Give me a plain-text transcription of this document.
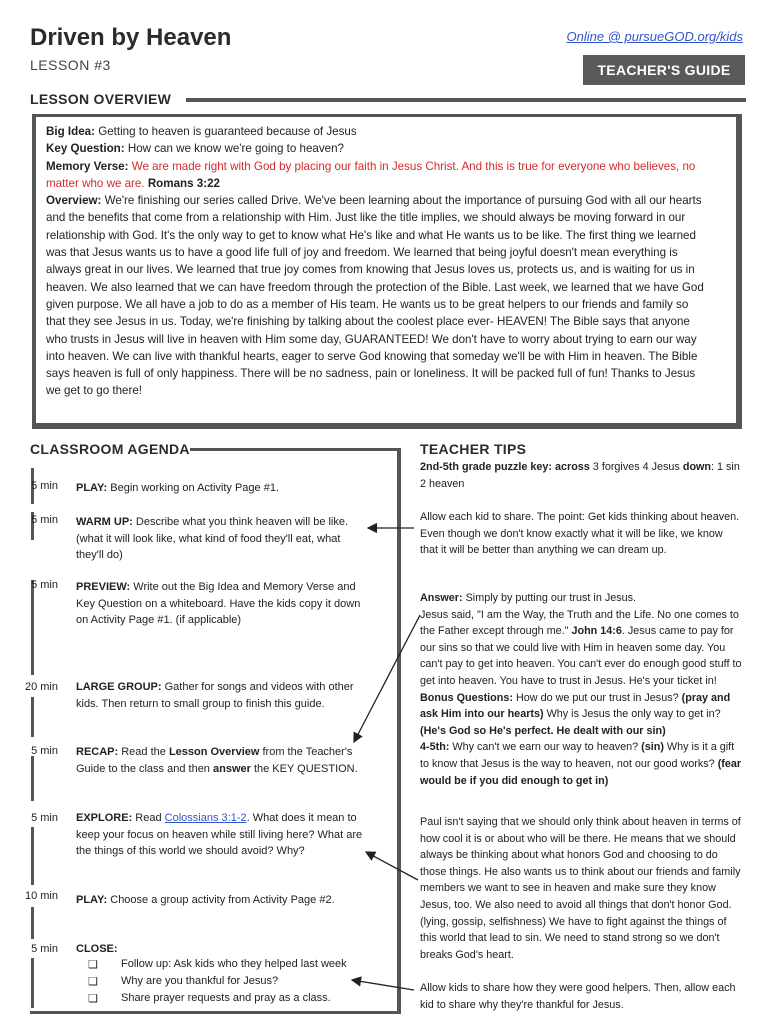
Driven by Heaven
LESSON #3
Online @ pursueGOD.org/kids
TEACHER'S GUIDE
LESSON OVERVIEW
Big Idea: Getting to heaven is guaranteed because of Jesus
Key Question: How can we know we're going to heaven?
Memory Verse: We are made right with God by placing our faith in Jesus Christ. And this is true for everyone who believes, no matter who we are. Romans 3:22
Overview: We're finishing our series called Drive. We've been learning about the importance of pursuing God with all our hearts and the benefits that come from a relationship with Him. Just like the title implies, we should always be moving forward in our relationship with God. It's the only way to get to know what He's like and what He wants us to be like. The first thing we learned was that Jesus wants us to have a good life full of joy and freedom. We learned that being joyful doesn't mean everything is always great in our lives. We learned that true joy comes from knowing that Jesus loves us, protects us, and is waiting for us in heaven. We also learned that we can have freedom through the protection of the Bible. Last week, we learned that we have God given purpose. We all have a job to do as a member of His team. He wants us to be great helpers to our friends and family so that they see Jesus in us. Today, we're finishing by talking about the coolest place ever- HEAVEN! The Bible says that anyone who trusts in Jesus will live in heaven with Him some day, GUARANTEED! We don't have to worry about trying to earn our way into heaven. We can live with thankful hearts, eager to serve God knowing that someday we'll be with Him in heaven. The Bible says heaven is full of only happiness. There will be no sadness, pain or loneliness. It will be packed full of fun! Thanks to Jesus we get to go there!
CLASSROOM AGENDA
5 min PLAY: Begin working on Activity Page #1.
5 min WARM UP: Describe what you think heaven will be like. (what it will look like, what kind of food they'll eat, what they'll do)
5 min PREVIEW: Write out the Big Idea and Memory Verse and Key Question on a whiteboard. Have the kids copy it down on Activity Page #1. (if applicable)
20 min LARGE GROUP: Gather for songs and videos with other kids. Then return to small group to finish this guide.
5 min RECAP: Read the Lesson Overview from the Teacher's Guide to the class and then answer the KEY QUESTION.
5 min EXPLORE: Read Colossians 3:1-2. What does it mean to keep your focus on heaven while still living here? What are the things of this world we should avoid? Why?
10 min PLAY: Choose a group activity from Activity Page #2.
5 min CLOSE:
❏ Follow up: Ask kids who they helped last week
❏ Why are you thankful for Jesus?
❏ Share prayer requests and pray as a class.
TEACHER TIPS
2nd-5th grade puzzle key: across 3 forgives 4 Jesus down: 1 sin 2 heaven
Allow each kid to share. The point: Get kids thinking about heaven. Even though we don't know exactly what it will be like, we know that it will be better than anything we can dream up.
Answer: Simply by putting our trust in Jesus.
Jesus said, "I am the Way, the Truth and the Life. No one comes to the Father except through me." John 14:6. Jesus came to pay for our sins so that we could live with Him in heaven some day. You can't pay to get into heaven. You can't ever do enough good stuff to get into heaven. You have to trust in Jesus. He's your ticket in!
Bonus Questions: How do we put our trust in Jesus? (pray and ask Him into our hearts) Why is Jesus the only way to get in? (He's God so He's perfect. He dealt with our sin)
4-5th: Why can't we earn our way to heaven? (sin) Why is it a gift to know that Jesus is the way to heaven, not our good works? (fear would be if you did enough to get in)
Paul isn't saying that we should only think about heaven in terms of how cool it is or about who will be there. He means that we should always be thinking about what honors God and choosing to do those things. He also wants us to think about our friends and family members we want to see in heaven and make sure they know Jesus, too. We also need to avoid all things that don't honor God. (lying, gossip, selfishness) We have to fight against the things of this world that lead to sin. We need to stand strong so we don't breaks God's heart.
Allow kids to share how they were good helpers. Then, allow each kid to share why they're thankful for Jesus.
